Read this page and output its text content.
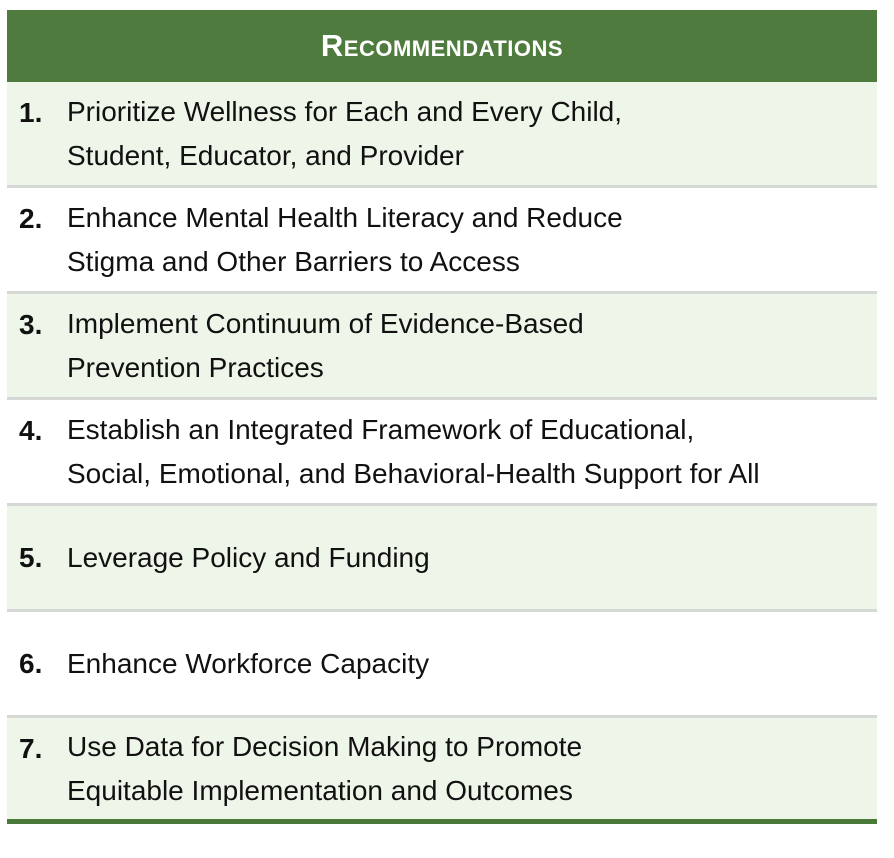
Recommendations
1. Prioritize Wellness for Each and Every Child,
Student, Educator, and Provider
2. Enhance Mental Health Literacy and Reduce
Stigma and Other Barriers to Access
3. Implement Continuum of Evidence-Based
Prevention Practices
4. Establish an Integrated Framework of Educational,
Social, Emotional, and Behavioral-Health Support for All
5. Leverage Policy and Funding
6. Enhance Workforce Capacity
7. Use Data for Decision Making to Promote
Equitable Implementation and Outcomes
